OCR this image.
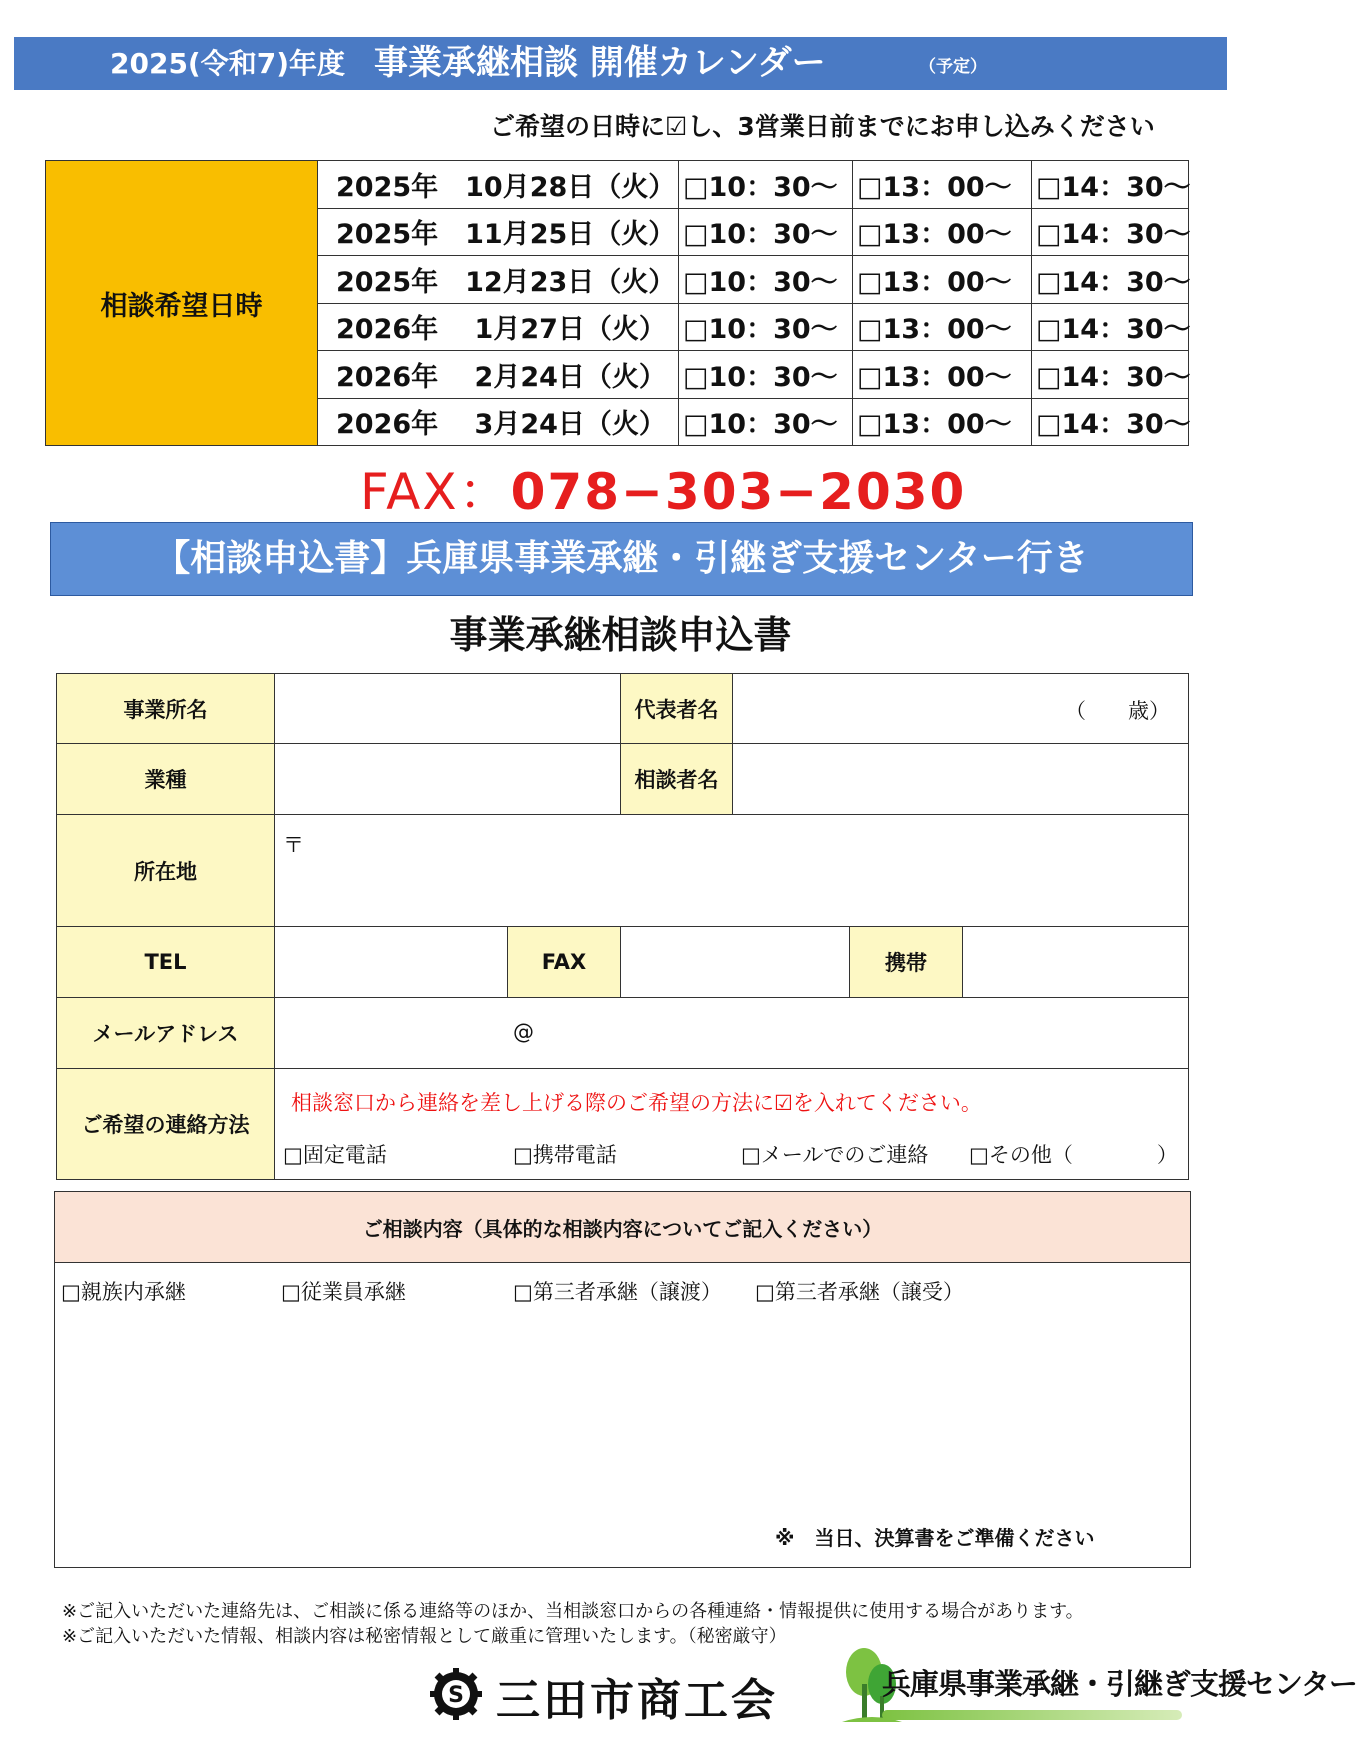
2025(令和7)年度 事業承継相談 開催カレンダー	（予定）
ご希望の日時に☑し、3営業日前までにお申し込みください
相談希望日時	2025年　10月28日（火）	□10：30～	□13：00～	□14：30～
	2025年　11月25日（火）	□10：30～	□13：00～	□14：30～
	2025年　12月23日（火）	□10：30～	□13：00～	□14：30～
	2026年　 1月27日（火）	□10：30～	□13：00～	□14：30～
	2026年　 2月24日（火）	□10：30～	□13：00～	□14：30～
	2026年　 3月24日（火）	□10：30～	□13：00～	□14：30～
FAX：078−303−2030
【相談申込書】兵庫県事業承継・引継ぎ支援センター行き
事業承継相談申込書
事業所名	代表者名	（　　歳）
業種	相談者名
所在地
〒
TEL	FAX	携帯
メールアドレス	@
ご希望の連絡方法
相談窓口から連絡を差し上げる際のご希望の方法に☑を入れてください。
□固定電話	□携帯電話	□メールでのご連絡 □その他（　　　　）
ご相談内容（具体的な相談内容についてご記入ください）
□親族内承継	□従業員承継	□第三者承継（譲渡） □第三者承継（譲受）
※　当日、決算書をご準備ください
※ご記入いただいた連絡先は、ご相談に係る連絡等のほか、当相談窓口からの各種連絡・情報提供に使用する場合があります。
※ご記入いただいた情報、相談内容は秘密情報として厳重に管理いたします。（秘密厳守）
S 三田市商工会	兵庫県事業承継・引継ぎ支援センター
